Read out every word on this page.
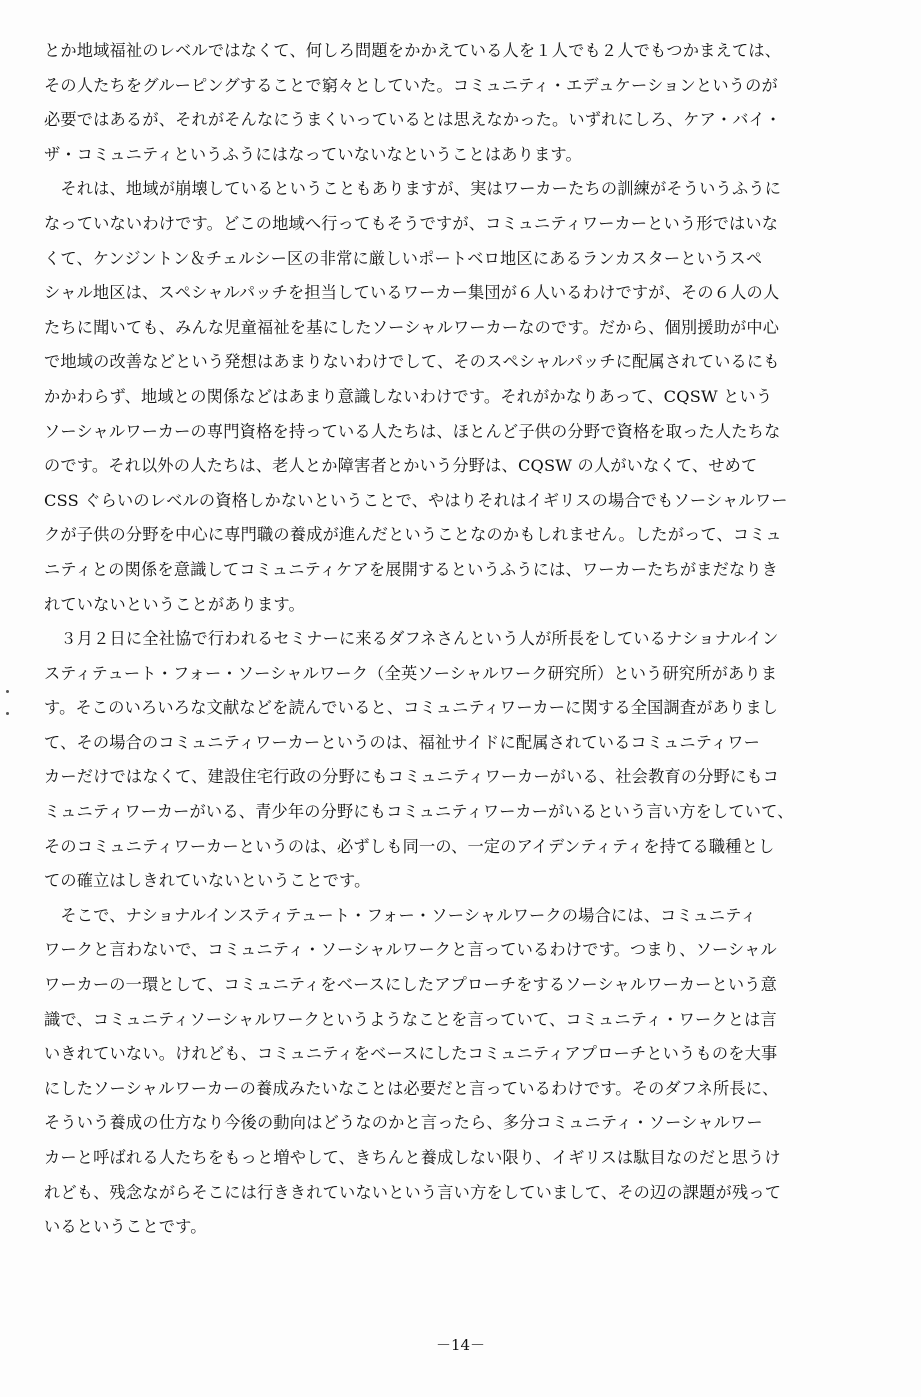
とか地域福祉のレベルではなくて、何しろ問題をかかえている人を１人でも２人でもつかまえては、
その人たちをグルーピングすることで窮々としていた。コミュニティ・エデュケーションというのが
必要ではあるが、それがそんなにうまくいっているとは思えなかった。いずれにしろ、ケア・バイ・
ザ・コミュニティというふうにはなっていないなということはあります。
　それは、地域が崩壊しているということもありますが、実はワーカーたちの訓練がそういうふうに
なっていないわけです。どこの地域へ行ってもそうですが、コミュニティワーカーという形ではいな
くて、ケンジントン＆チェルシー区の非常に厳しいポートベロ地区にあるランカスターというスペ
シャル地区は、スペシャルパッチを担当しているワーカー集団が６人いるわけですが、その６人の人
たちに聞いても、みんな児童福祉を基にしたソーシャルワーカーなのです。だから、個別援助が中心
で地域の改善などという発想はあまりないわけでして、そのスペシャルパッチに配属されているにも
かかわらず、地域との関係などはあまり意識しないわけです。それがかなりあって、CQSW という
ソーシャルワーカーの専門資格を持っている人たちは、ほとんど子供の分野で資格を取った人たちな
のです。それ以外の人たちは、老人とか障害者とかいう分野は、CQSW の人がいなくて、せめて
CSS ぐらいのレベルの資格しかないということで、やはりそれはイギリスの場合でもソーシャルワー
クが子供の分野を中心に専門職の養成が進んだということなのかもしれません。したがって、コミュ
ニティとの関係を意識してコミュニティケアを展開するというふうには、ワーカーたちがまだなりき
れていないということがあります。
　３月２日に全社協で行われるセミナーに来るダフネさんという人が所長をしているナショナルイン
スティテュート・フォー・ソーシャルワーク（全英ソーシャルワーク研究所）という研究所がありま
す。そこのいろいろな文献などを読んでいると、コミュニティワーカーに関する全国調査がありまし
て、その場合のコミュニティワーカーというのは、福祉サイドに配属されているコミュニティワー
カーだけではなくて、建設住宅行政の分野にもコミュニティワーカーがいる、社会教育の分野にもコ
ミュニティワーカーがいる、青少年の分野にもコミュニティワーカーがいるという言い方をしていて、
そのコミュニティワーカーというのは、必ずしも同一の、一定のアイデンティティを持てる職種とし
ての確立はしきれていないということです。
　そこで、ナショナルインスティテュート・フォー・ソーシャルワークの場合には、コミュニティ
ワークと言わないで、コミュニティ・ソーシャルワークと言っているわけです。つまり、ソーシャル
ワーカーの一環として、コミュニティをベースにしたアプローチをするソーシャルワーカーという意
識で、コミュニティソーシャルワークというようなことを言っていて、コミュニティ・ワークとは言
いきれていない。けれども、コミュニティをベースにしたコミュニティアプローチというものを大事
にしたソーシャルワーカーの養成みたいなことは必要だと言っているわけです。そのダフネ所長に、
そういう養成の仕方なり今後の動向はどうなのかと言ったら、多分コミュニティ・ソーシャルワー
カーと呼ばれる人たちをもっと増やして、きちんと養成しない限り、イギリスは駄目なのだと思うけ
れども、残念ながらそこには行ききれていないという言い方をしていまして、その辺の課題が残って
いるということです。
－14－
